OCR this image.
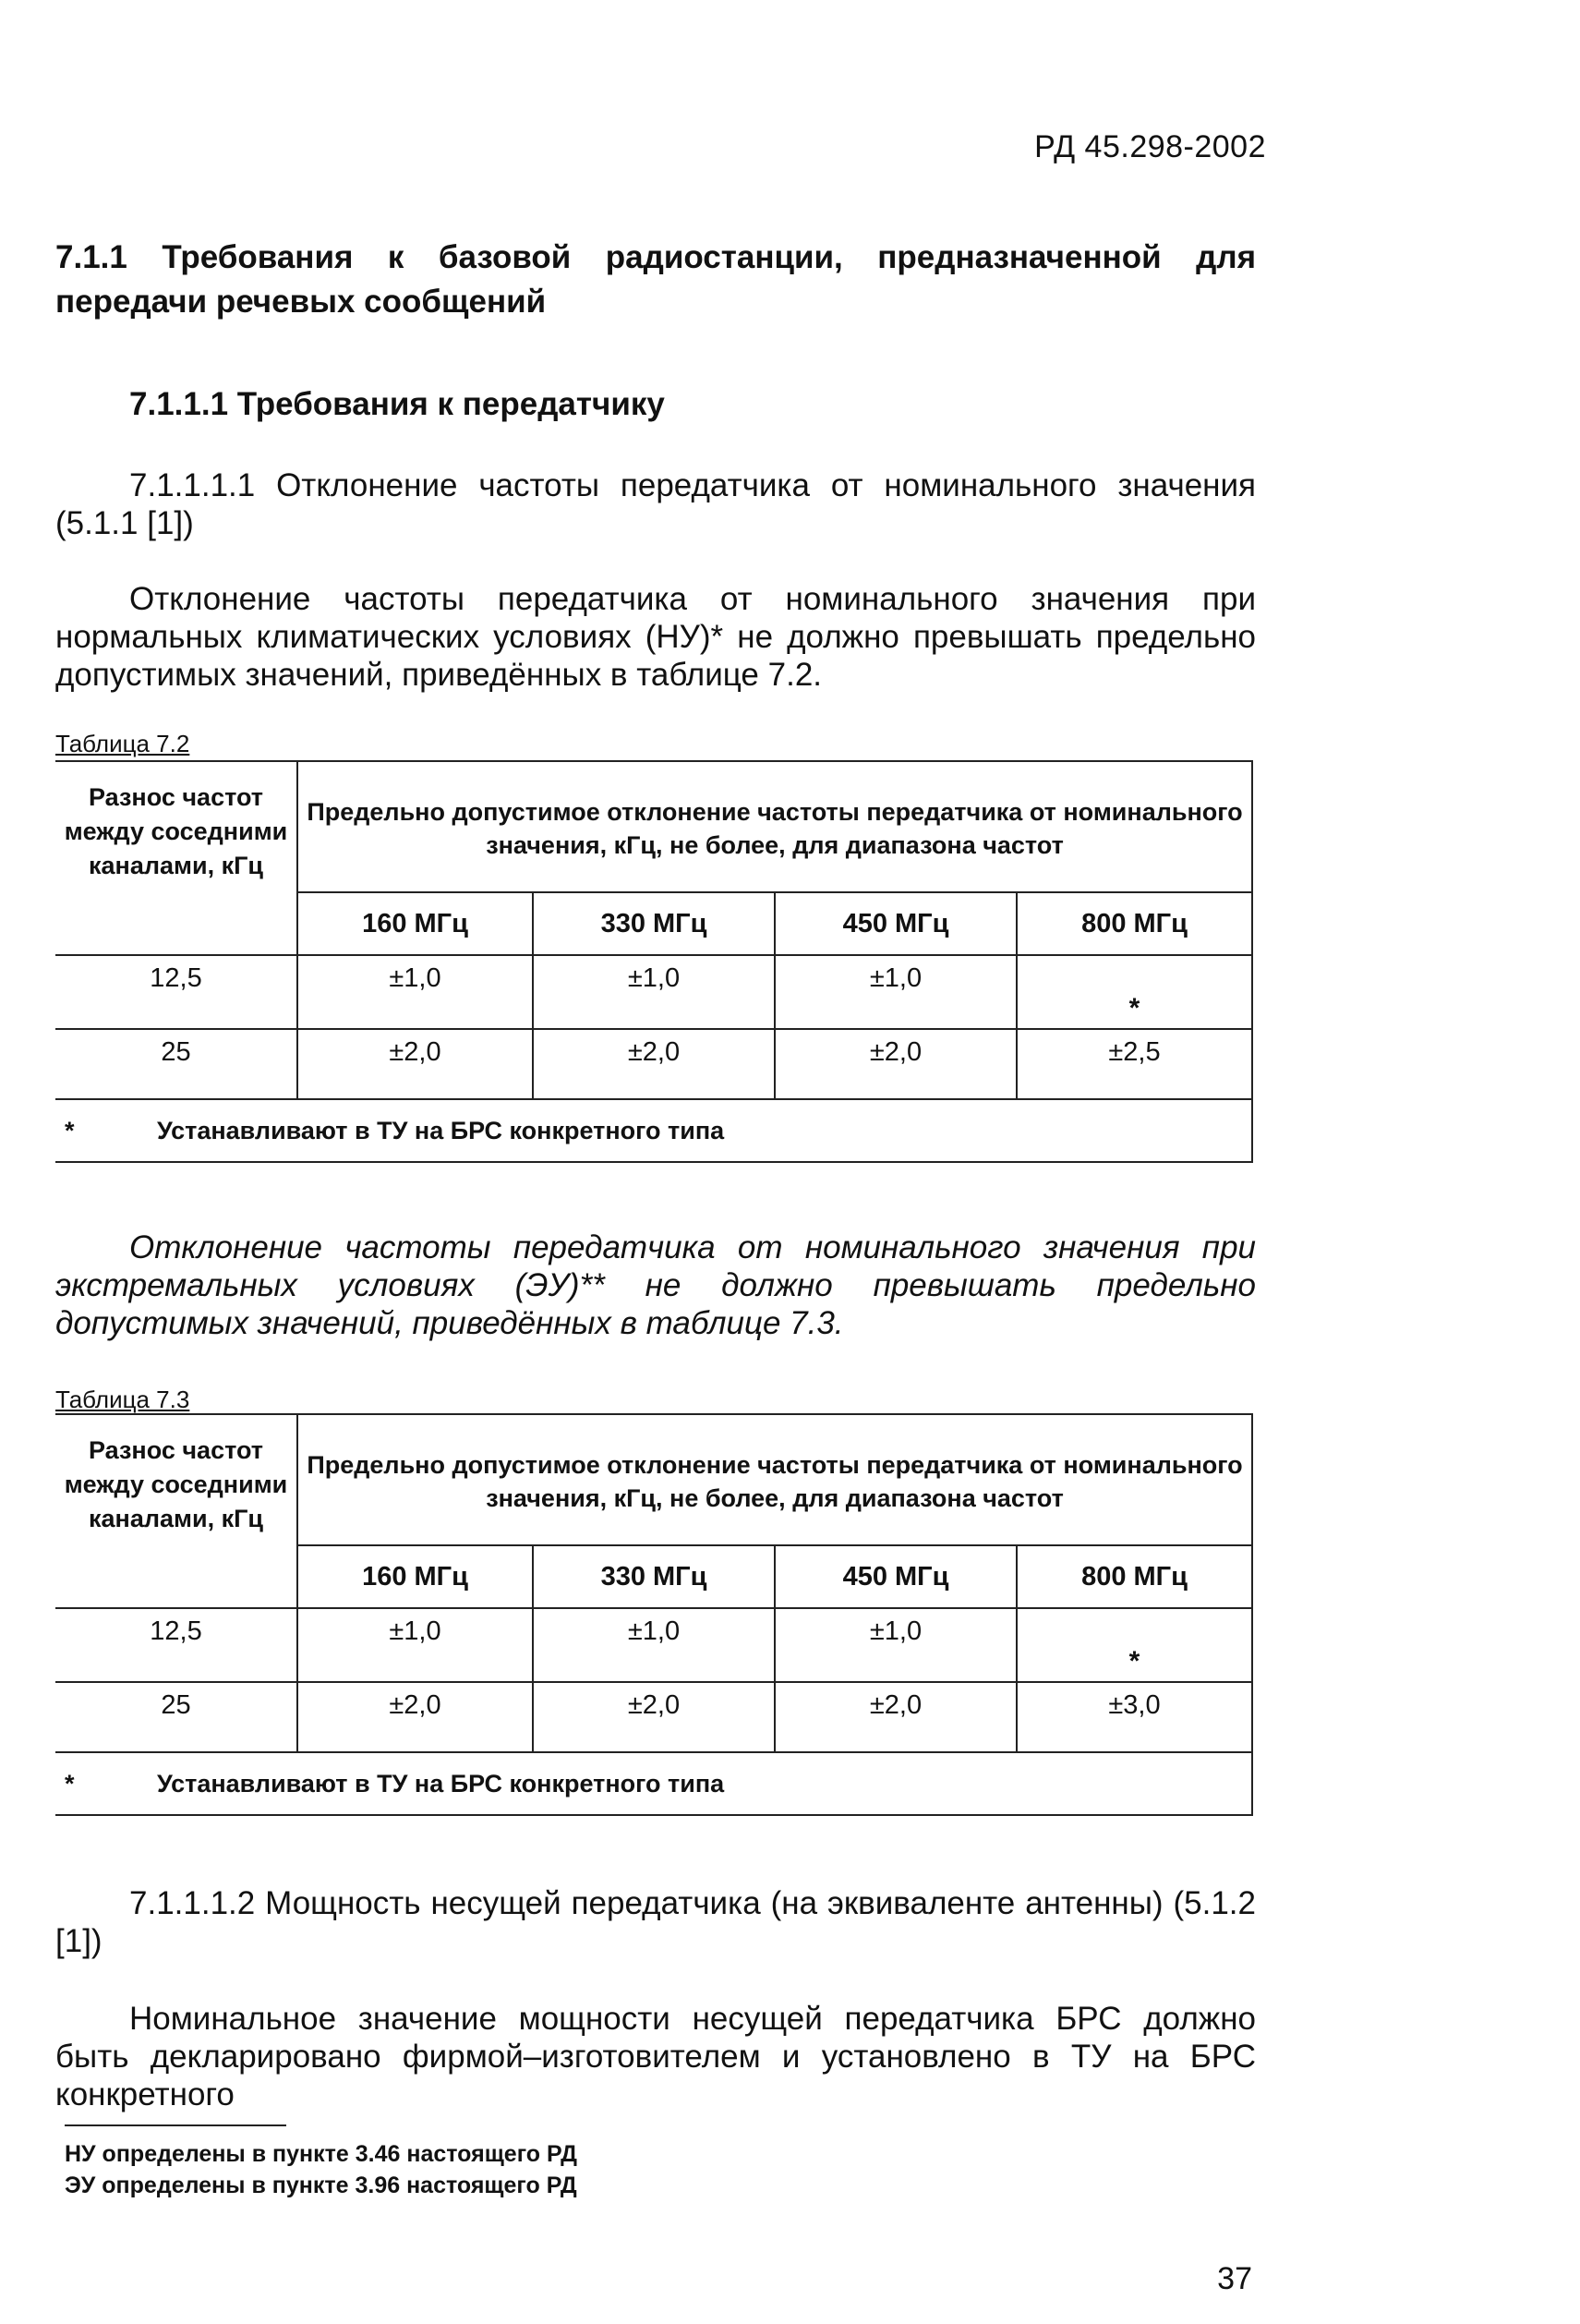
РД 45.298-2002
7.1.1 Требования к базовой радиостанции, предназначенной для передачи речевых сообщений
7.1.1.1 Требования к передатчику
7.1.1.1.1 Отклонение частоты передатчика от номинального значения (5.1.1 [1])
Отклонение частоты передатчика от номинального значения при нормальных климатических условиях (НУ)* не должно превышать предельно допустимых значений, приведённых в таблице 7.2.
Таблица 7.2
Разнос частот между соседними каналами, кГц	Предельно допустимое отклонение частоты передатчика от номинального значения, кГц, не более, для диапазона частот			
	160 МГц	330 МГц	450 МГц	800 МГц
12,5	±1,0	±1,0	±1,0	*
25	±2,0	±2,0	±2,0	±2,5
* Устанавливают в ТУ на БРС конкретного типа				
Отклонение частоты передатчика от номинального значения при экстремальных условиях (ЭУ)** не должно превышать предельно допустимых значений, приведённых в таблице 7.3.
Таблица 7.3
Разнос частот между соседними каналами, кГц	Предельно допустимое отклонение частоты передатчика от номинального значения, кГц, не более, для диапазона частот			
	160 МГц	330 МГц	450 МГц	800 МГц
12,5	±1,0	±1,0	±1,0	*
25	±2,0	±2,0	±2,0	±3,0
* Устанавливают в ТУ на БРС конкретного типа				
7.1.1.1.2 Мощность несущей передатчика (на эквиваленте антенны) (5.1.2 [1])
Номинальное значение мощности несущей передатчика БРС должно быть декларировано фирмой–изготовителем и установлено в ТУ на БРС конкретного
НУ определены в пункте 3.46 настоящего РД
ЭУ определены в пункте 3.96 настоящего РД
37
